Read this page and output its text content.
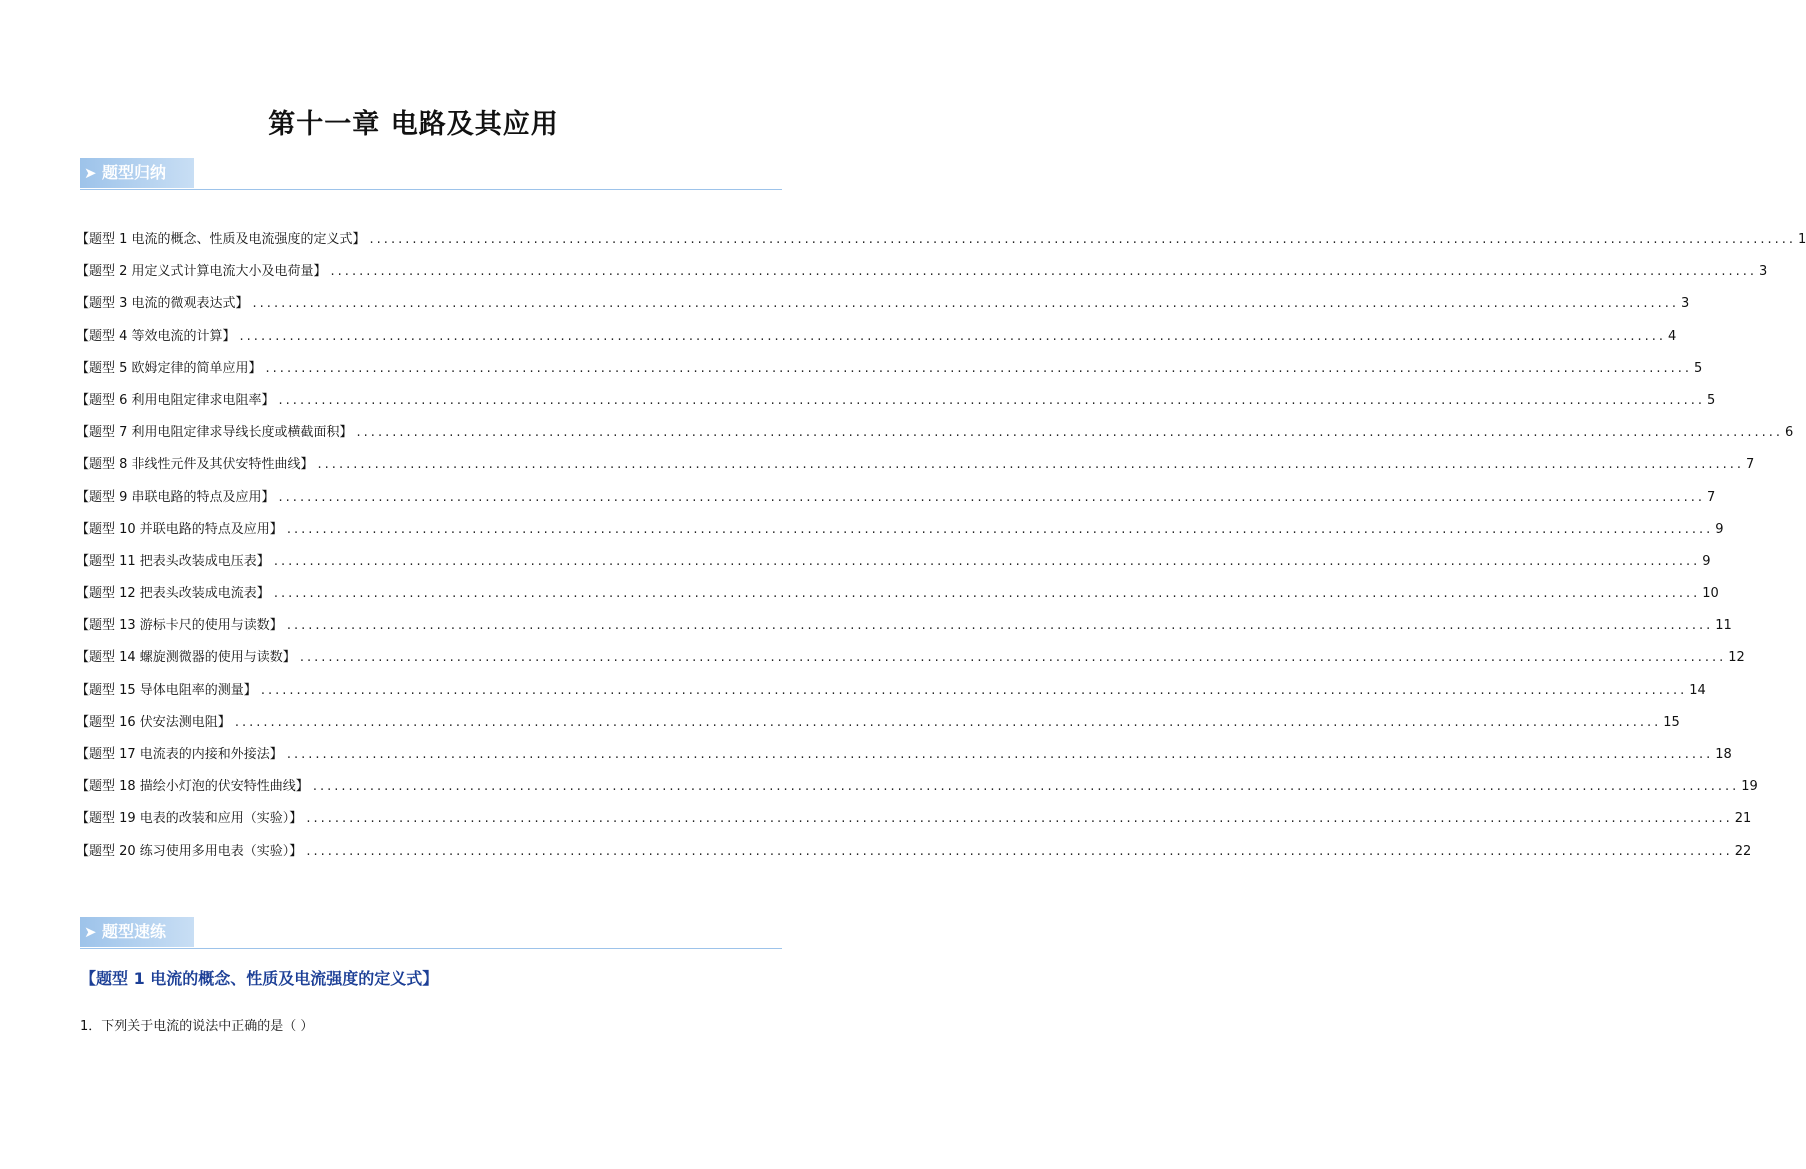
第十一章 电路及其应用
➤ 题型归纳
【题型 1 电流的概念、性质及电流强度的定义式】 ........................................................................................................................................................................................................ 1
【题型 2 用定义式计算电流大小及电荷量】 ........................................................................................................................................................................................................ 3
【题型 3 电流的微观表达式】 ........................................................................................................................................................................................................ 3
【题型 4 等效电流的计算】 ........................................................................................................................................................................................................ 4
【题型 5 欧姆定律的简单应用】 ........................................................................................................................................................................................................ 5
【题型 6 利用电阻定律求电阻率】 ........................................................................................................................................................................................................ 5
【题型 7 利用电阻定律求导线长度或横截面积】 ........................................................................................................................................................................................................ 6
【题型 8 非线性元件及其伏安特性曲线】 ........................................................................................................................................................................................................ 7
【题型 9 串联电路的特点及应用】 ........................................................................................................................................................................................................ 7
【题型 10 并联电路的特点及应用】 ........................................................................................................................................................................................................ 9
【题型 11 把表头改装成电压表】 ........................................................................................................................................................................................................ 9
【题型 12 把表头改装成电流表】 ........................................................................................................................................................................................................ 10
【题型 13 游标卡尺的使用与读数】 ........................................................................................................................................................................................................ 11
【题型 14 螺旋测微器的使用与读数】 ........................................................................................................................................................................................................ 12
【题型 15 导体电阻率的测量】 ........................................................................................................................................................................................................ 14
【题型 16 伏安法测电阻】 ........................................................................................................................................................................................................ 15
【题型 17 电流表的内接和外接法】 ........................................................................................................................................................................................................ 18
【题型 18 描绘小灯泡的伏安特性曲线】 ........................................................................................................................................................................................................ 19
【题型 19 电表的改装和应用（实验）】 ........................................................................................................................................................................................................ 21
【题型 20 练习使用多用电表（实验）】 ........................................................................................................................................................................................................ 22
➤ 题型速练
【题型 1 电流的概念、性质及电流强度的定义式】
1．下列关于电流的说法中正确的是（ ）
